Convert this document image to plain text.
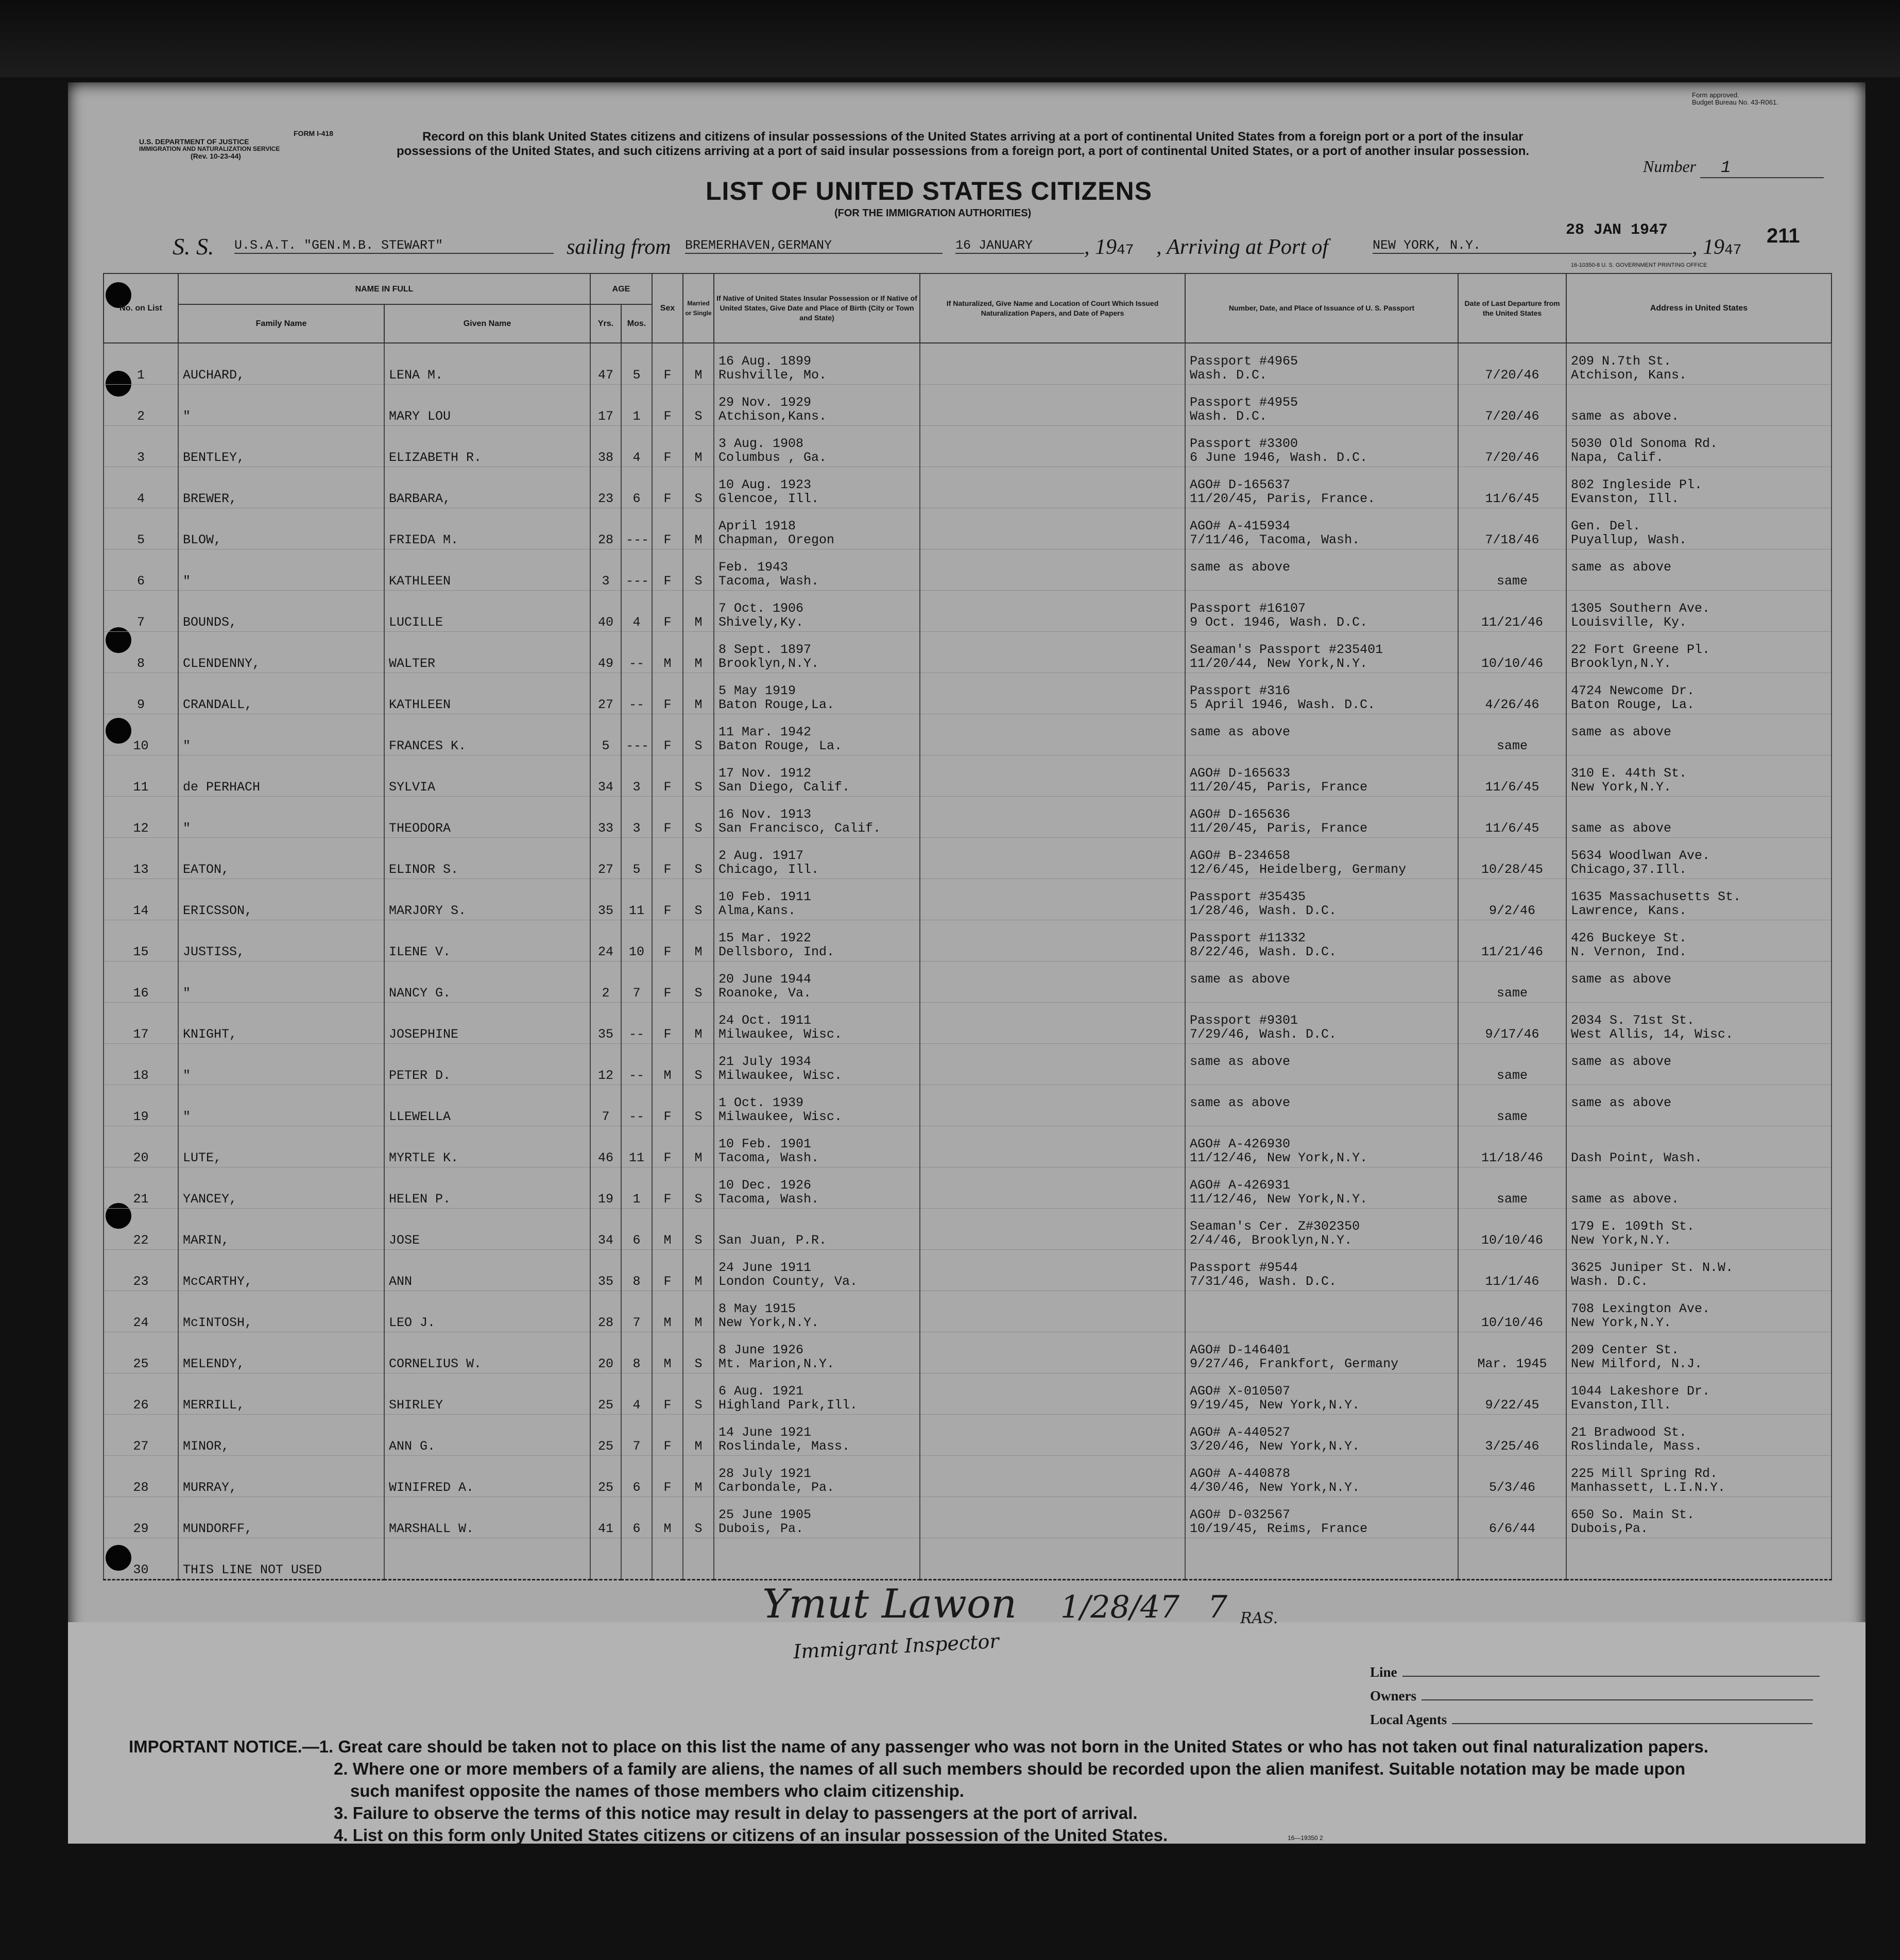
U.S. DEPARTMENT OF JUSTICE
IMMIGRATION AND NATURALIZATION SERVICE
(Rev. 10-23-44)
FORM I-418
Form approved.
Budget Bureau No. 43-R061.
Record on this blank United States citizens and citizens of insular possessions of the United States arriving at a port of continental United States from a foreign port or a port of the insular possessions of the United States, and such citizens arriving at a port of said insular possessions from a foreign port, a port of continental United States, or a port of another insular possession.
Number 1
LIST OF UNITED STATES CITIZENS
(FOR THE IMMIGRATION AUTHORITIES)
S. S. U.S.A.T. "GEN.M.B. STEWART"	sailing from BREMERHAVEN,GERMANY	16 JANUARY	, 1947 , Arriving at Port of	NEW YORK, N.Y.
28 JAN 1947
, 1947
211
16-10350-8 U. S. GOVERNMENT PRINTING OFFICE
No. on List	NAME IN FULL		AGE		Sex	Married or Single	If Native of United States Insular Possession or If Native of United States, Give Date and Place of Birth (City or Town and State)	If Naturalized, Give Name and Location of Court Which Issued Naturalization Papers, and Date of Papers	Number, Date, and Place of Issuance of U. S. Passport	Date of Last Departure from the United States	Address in United States
	Family Name	Given Name	Yrs.	Mos.							
1	AUCHARD,	LENA M.	47	5	F	M	16 Aug. 1899
Rushville, Mo.		Passport #4965
Wash. D.C.	7/20/46	209 N.7th St.
Atchison, Kans.

2	"	MARY LOU	17	1	F	S	29 Nov. 1929
Atchison,Kans.		Passport #4955
Wash. D.C.	7/20/46	same as above.

3	BENTLEY,	ELIZABETH R.	38	4	F	M	3 Aug. 1908
Columbus , Ga.		Passport #3300
6 June 1946, Wash. D.C.	7/20/46	5030 Old Sonoma Rd.
Napa, Calif.

4	BREWER,	BARBARA,	23	6	F	S	10 Aug. 1923
Glencoe, Ill.		AGO# D-165637
11/20/45, Paris, France.	11/6/45	802 Ingleside Pl.
Evanston, Ill.

5	BLOW,	FRIEDA M.	28	---	F	M	April 1918
Chapman, Oregon		AGO# A-415934
7/11/46, Tacoma, Wash.	7/18/46	Gen. Del.
Puyallup, Wash.

6	"	KATHLEEN	3	---	F	S	Feb. 1943
Tacoma, Wash.		same as above	same	same as above

7	BOUNDS,	LUCILLE	40	4	F	M	7 Oct. 1906
Shively,Ky.		Passport #16107
9 Oct. 1946, Wash. D.C.	11/21/46	1305 Southern Ave.
Louisville, Ky.

8	CLENDENNY,	WALTER	49	--	M	M	8 Sept. 1897
Brooklyn,N.Y.		Seaman's Passport #235401
11/20/44, New York,N.Y.	10/10/46	22 Fort Greene Pl.
Brooklyn,N.Y.

9	CRANDALL,	KATHLEEN	27	--	F	M	5 May 1919
Baton Rouge,La.		Passport #316
5 April 1946, Wash. D.C.	4/26/46	4724 Newcome Dr.
Baton Rouge, La.

10	"	FRANCES K.	5	---	F	S	11 Mar. 1942
Baton Rouge, La.		same as above	same	same as above

11	de PERHACH	SYLVIA	34	3	F	S	17 Nov. 1912
San Diego, Calif.		AGO# D-165633
11/20/45, Paris, France	11/6/45	310 E. 44th St.
New York,N.Y.

12	"	THEODORA	33	3	F	S	16 Nov. 1913
San Francisco, Calif.		AGO# D-165636
11/20/45, Paris, France	11/6/45	same as above

13	EATON,	ELINOR S.	27	5	F	S	2 Aug. 1917
Chicago, Ill.		AGO# B-234658
12/6/45, Heidelberg, Germany	10/28/45	5634 Woodlwan Ave.
Chicago,37.Ill.

14	ERICSSON,	MARJORY S.	35	11	F	S	10 Feb. 1911
Alma,Kans.		Passport #35435
1/28/46, Wash. D.C.	9/2/46	1635 Massachusetts St.
Lawrence, Kans.

15	JUSTISS,	ILENE V.	24	10	F	M	15 Mar. 1922
Dellsboro, Ind.		Passport #11332
8/22/46, Wash. D.C.	11/21/46	426 Buckeye St.
N. Vernon, Ind.

16	"	NANCY G.	2	7	F	S	20 June 1944
Roanoke, Va.		same as above	same	same as above

17	KNIGHT,	JOSEPHINE	35	--	F	M	24 Oct. 1911
Milwaukee, Wisc.		Passport #9301
7/29/46, Wash. D.C.	9/17/46	2034 S. 71st St.
West Allis, 14, Wisc.

18	"	PETER D.	12	--	M	S	21 July 1934
Milwaukee, Wisc.		same as above	same	same as above

19	"	LLEWELLA	7	--	F	S	1 Oct. 1939
Milwaukee, Wisc.		same as above	same	same as above

20	LUTE,	MYRTLE K.	46	11	F	M	10 Feb. 1901
Tacoma, Wash.		AGO# A-426930
11/12/46, New York,N.Y.	11/18/46	Dash Point, Wash.

21	YANCEY,	HELEN P.	19	1	F	S	10 Dec. 1926
Tacoma, Wash.		AGO# A-426931
11/12/46, New York,N.Y.	same	same as above.

22	MARIN,	JOSE	34	6	M	S	San Juan, P.R.		Seaman's Cer. Z#302350
2/4/46, Brooklyn,N.Y.	10/10/46	179 E. 109th St.
New York,N.Y.

23	McCARTHY,	ANN	35	8	F	M	24 June 1911
London County, Va.		Passport #9544
7/31/46, Wash. D.C.	11/1/46	3625 Juniper St. N.W.
Wash. D.C.

24	McINTOSH,	LEO J.	28	7	M	M	8 May 1915
New York,N.Y.			10/10/46	708 Lexington Ave.
New York,N.Y.

25	MELENDY,	CORNELIUS W.	20	8	M	S	8 June 1926
Mt. Marion,N.Y.		AGO# D-146401
9/27/46, Frankfort, Germany	Mar. 1945	209 Center St.
New Milford, N.J.

26	MERRILL,	SHIRLEY	25	4	F	S	6 Aug. 1921
Highland Park,Ill.		AGO# X-010507
9/19/45, New York,N.Y.	9/22/45	1044 Lakeshore Dr.
Evanston,Ill.

27	MINOR,	ANN G.	25	7	F	M	14 June 1921
Roslindale, Mass.		AGO# A-440527
3/20/46, New York,N.Y.	3/25/46	21 Bradwood St.
Roslindale, Mass.

28	MURRAY,	WINIFRED A.	25	6	F	M	28 July 1921
Carbondale, Pa.		AGO# A-440878
4/30/46, New York,N.Y.	5/3/46	225 Mill Spring Rd.
Manhassett, L.I.N.Y.

29	MUNDORFF,	MARSHALL W.	41	6	M	S	25 June 1905
Dubois, Pa.		AGO# D-032567
10/19/45, Reims, France	6/6/44	650 So. Main St.
Dubois,Pa.

30	THIS LINE NOT USED						

Ymut Lawon 1/28/47 7 RAS.
Immigrant Inspector
Line
Owners
Local Agents
IMPORTANT NOTICE.—1. Great care should be taken not to place on this list the name of any passenger who was not born in the United States or who has not taken out final naturalization papers.
2. Where one or more members of a family are aliens, the names of all such members should be recorded upon the alien manifest. Suitable notation may be made upon
such manifest opposite the names of those members who claim citizenship.
3. Failure to observe the terms of this notice may result in delay to passengers at the port of arrival.
4. List on this form only United States citizens or citizens of an insular possession of the United States.	16—19350 2
